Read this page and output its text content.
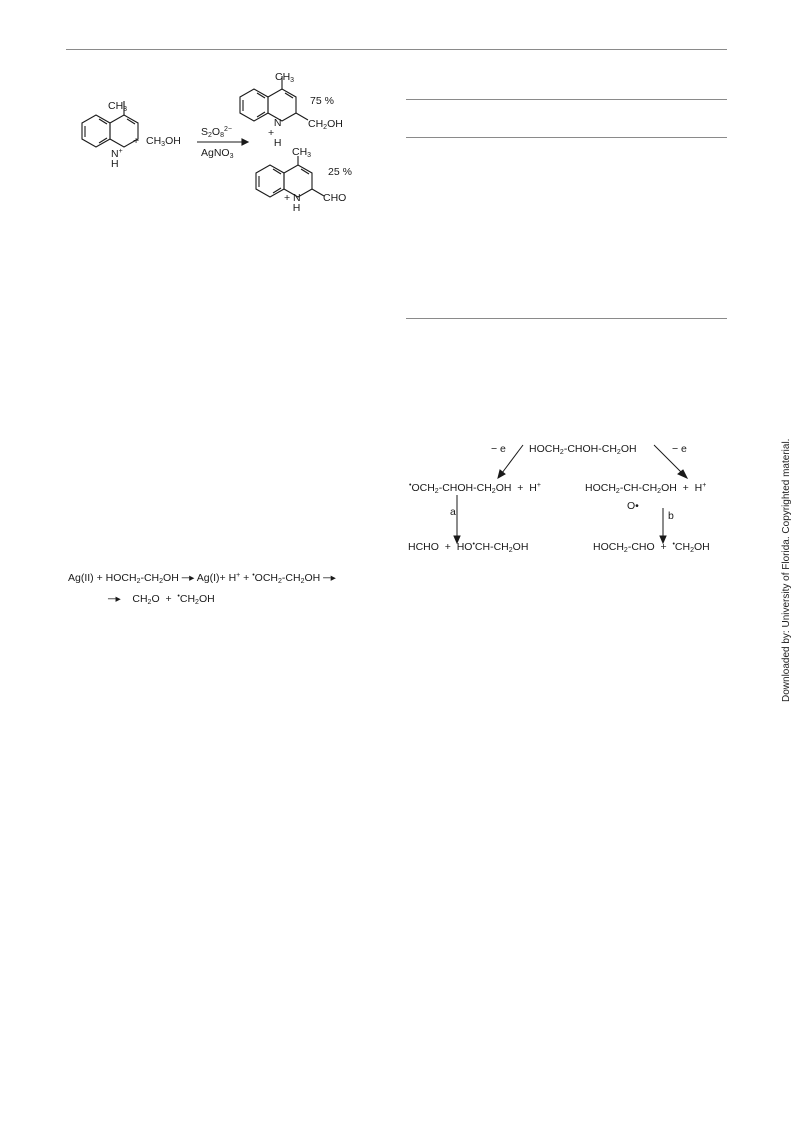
$CH_3$
N+
H
+ $CH_3OH$
$S_2O_8^{2-}$
AgNO$_3$
$CH_3$
75 %
$CH_2OH$
N
+
H
$CH_3$
25 %
CHO
+ N
H
$Ag(II) + HOCH_2-CH_2OH$ ─▸ $Ag(I)+ H^+ + ^•OCH_2-CH_2OH$ ─▸
─▸    $CH_2O + ^•CH_2OH$
$HOCH_2-CHOH-CH_2OH$
− e	− e
$^•OCH_2-CHOH-CH_2OH + H^+$	$HOCH_2-CH-CH_2OH + H^+$
O•
a	b
HCHO  +  $HO^•CH-CH_2OH$	$HOCH_2$-CHO  +  $^•CH_2OH$	Downloaded by: University of Florida. Copyrighted material.
